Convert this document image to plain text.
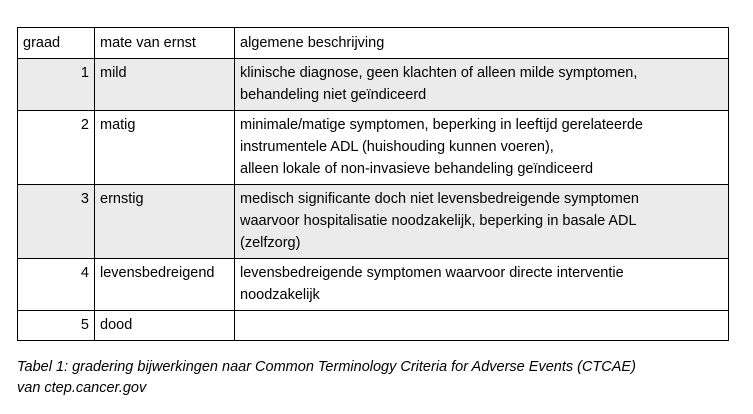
graad	mate van ernst	algemene beschrijving
1	mild	klinische diagnose, geen klachten of alleen milde symptomen,
behandeling niet geïndiceerd

2	matig	minimale/matige symptomen, beperking in leeftijd gerelateerde
instrumentele ADL (huishouding kunnen voeren),
alleen lokale of non-invasieve behandeling geïndiceerd

3	ernstig	medisch significante doch niet levensbedreigende symptomen
waarvoor hospitalisatie noodzakelijk, beperking in basale ADL
(zelfzorg)

4	levensbedreigend	levensbedreigende symptomen waarvoor directe interventie
noodzakelijk

5	dood	
Tabel 1: gradering bijwerkingen naar Common Terminology Criteria for Adverse Events (CTCAE)
van ctep.cancer.gov
